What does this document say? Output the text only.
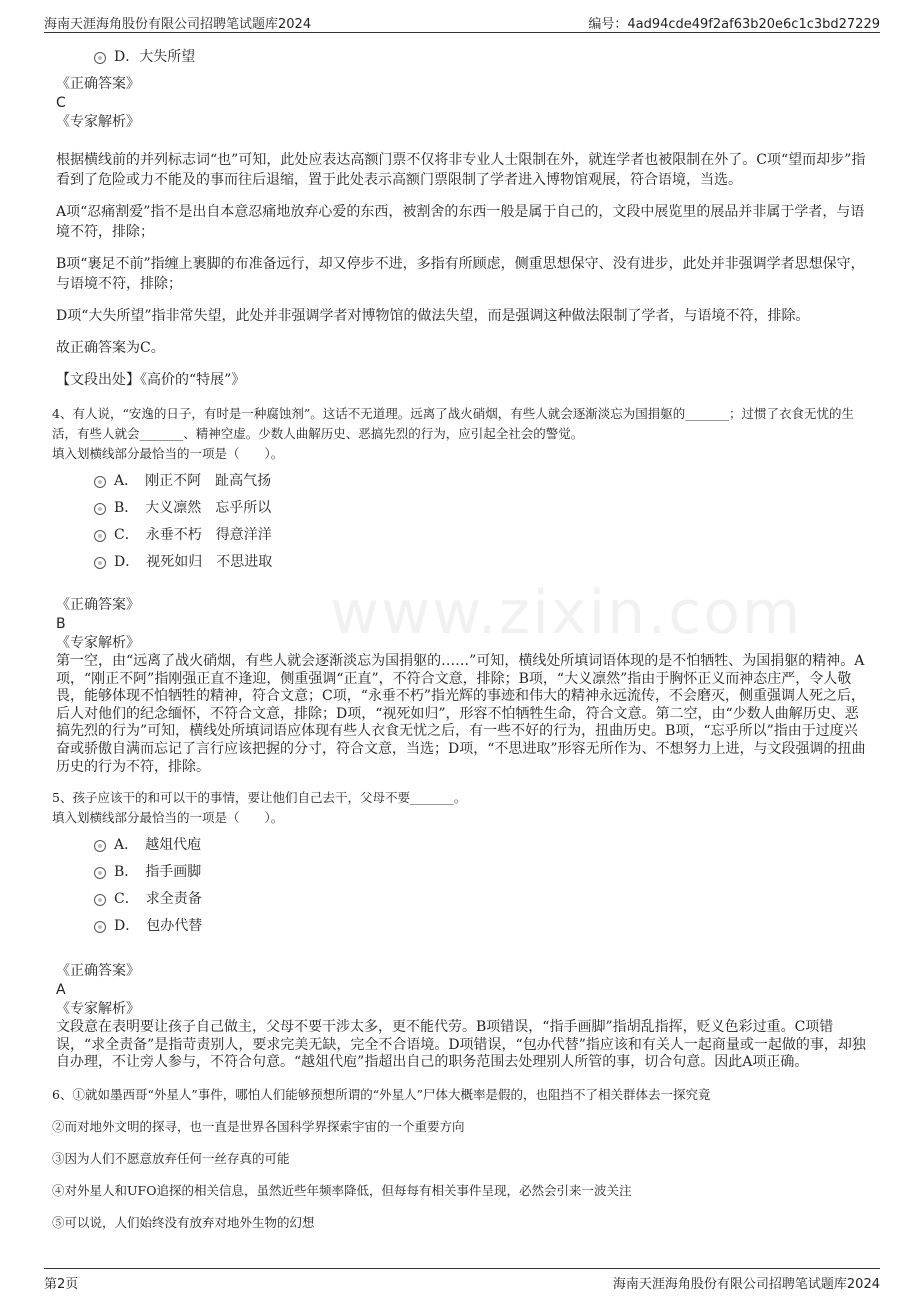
海南天涯海角股份有限公司招聘笔试题库2024	编号：4ad94cde49f2af63b20e6c1c3bd27229
www.zixin.com
D．大失所望
《正确答案》
C
《专家解析》

根据横线前的并列标志词“也”可知，此处应表达高额门票不仅将非专业人士限制在外，就连学者也被限制在外了。C项“望而却步”指看到了危险或力不能及的事而往后退缩，置于此处表示高额门票限制了学者进入博物馆观展，符合语境，当选。

A项“忍痛割爱”指不是出自本意忍痛地放弃心爱的东西，被割舍的东西一般是属于自己的，文段中展览里的展品并非属于学者，与语境不符，排除；

B项“裹足不前”指缠上裹脚的布准备远行，却又停步不进，多指有所顾虑，侧重思想保守、没有进步，此处并非强调学者思想保守，与语境不符，排除；

D项“大失所望”指非常失望，此处并非强调学者对博物馆的做法失望，而是强调这种做法限制了学者，与语境不符，排除。

故正确答案为C。

【文段出处】《高价的“特展”》

4、有人说，“安逸的日子，有时是一种腐蚀剂”。这话不无道理。远离了战火硝烟，有些人就会逐渐淡忘为国捐躯的_______；过惯了衣食无忧的生活，有些人就会_______、精神空虚。少数人曲解历史、恶搞先烈的行为，应引起全社会的警觉。

填入划横线部分最恰当的一项是（　　）。

A．　刚正不阿　趾高气扬
B．　大义凛然　忘乎所以
C．　永垂不朽　得意洋洋
D．　视死如归　不思进取
《正确答案》
B
《专家解析》

第一空，由“远离了战火硝烟，有些人就会逐渐淡忘为国捐躯的……”可知，横线处所填词语体现的是不怕牺牲、为国捐躯的精神。A项，“刚正不阿”指刚强正直不逢迎，侧重强调“正直”，不符合文意，排除；B项，“大义凛然”指由于胸怀正义而神态庄严，令人敬畏，能够体现不怕牺牲的精神，符合文意；C项，“永垂不朽”指光辉的事迹和伟大的精神永远流传，不会磨灭，侧重强调人死之后，后人对他们的纪念缅怀，不符合文意，排除；D项，“视死如归”，形容不怕牺牲生命，符合文意。第二空，由“少数人曲解历史、恶搞先烈的行为”可知，横线处所填词语应体现有些人衣食无忧之后，有一些不好的行为，扭曲历史。B项，“忘乎所以”指由于过度兴奋或骄傲自满而忘记了言行应该把握的分寸，符合文意，当选；D项，“不思进取”形容无所作为、不想努力上进，与文段强调的扭曲历史的行为不符，排除。

5、孩子应该干的和可以干的事情，要让他们自己去干，父母不要_______。

填入划横线部分最恰当的一项是（　　）。

A．　越俎代庖
B．　指手画脚
C．　求全责备
D．　包办代替
《正确答案》
A
《专家解析》

文段意在表明要让孩子自己做主，父母不要干涉太多，更不能代劳。B项错误，“指手画脚”指胡乱指挥，贬义色彩过重。C项错误，“求全责备”是指苛责别人，要求完美无缺，完全不合语境。D项错误，“包办代替”指应该和有关人一起商量或一起做的事，却独自办理，不让旁人参与，不符合句意。“越俎代庖”指超出自己的职务范围去处理别人所管的事，切合句意。因此A项正确。

6、①就如墨西哥“外星人”事件，哪怕人们能够预想所谓的“外星人”尸体大概率是假的，也阻挡不了相关群体去一探究竟

②而对地外文明的探寻，也一直是世界各国科学界探索宇宙的一个重要方向

③因为人们不愿意放弃任何一丝存真的可能

④对外星人和UFO追探的相关信息，虽然近些年频率降低，但每每有相关事件呈现，必然会引来一波关注

⑤可以说，人们始终没有放弃对地外生物的幻想

第2页	海南天涯海角股份有限公司招聘笔试题库2024
